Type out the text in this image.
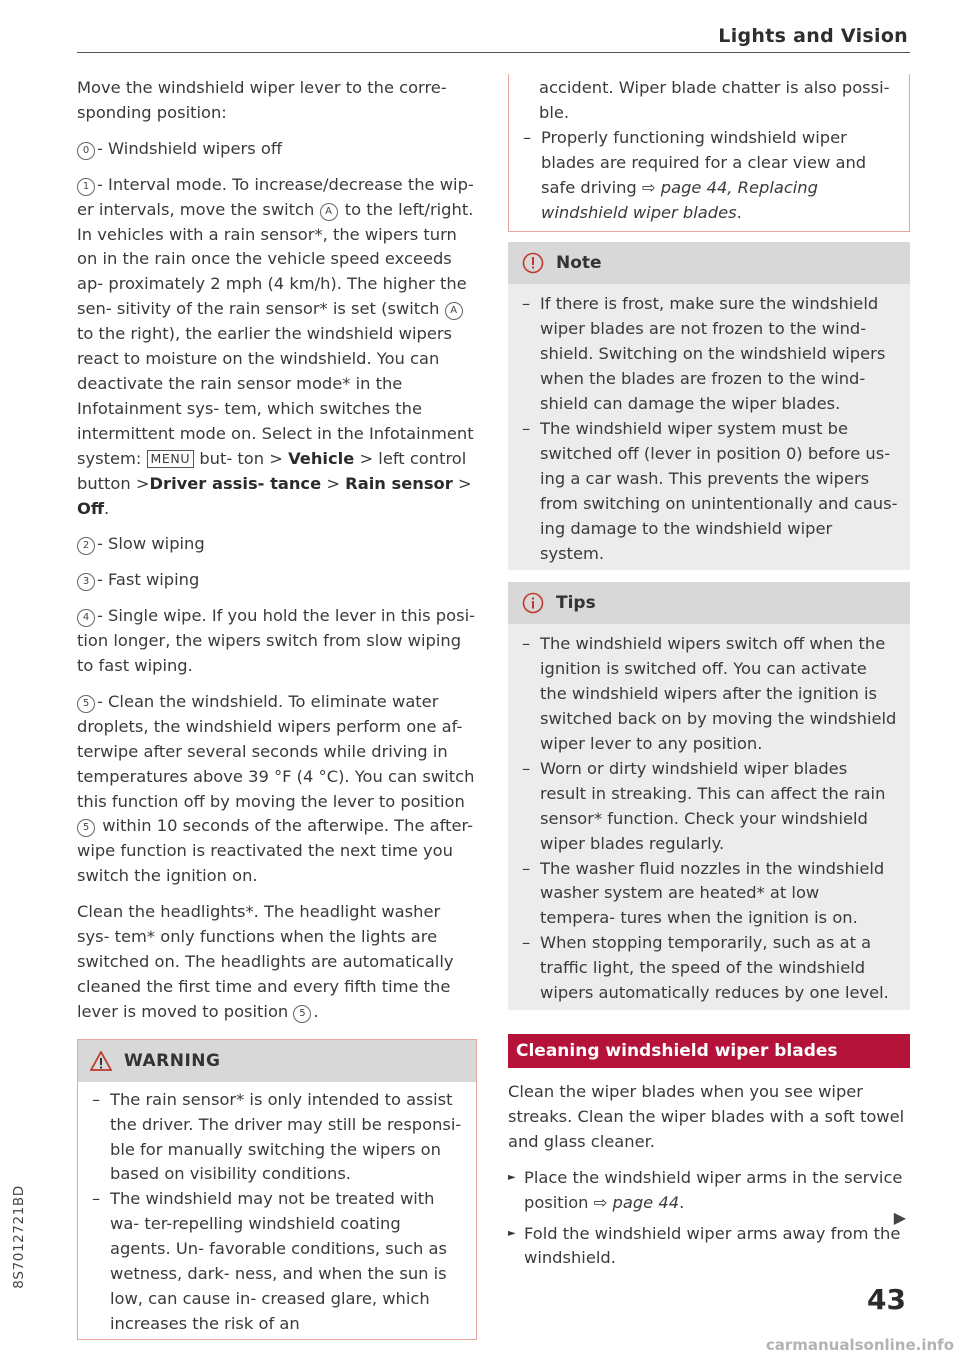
Lights and Vision

Move the windshield wiper lever to the corre- sponding position:

0 - Windshield wipers off

1 - Interval mode. To increase/decrease the wip- er intervals, move the switch A to the left/right. In vehicles with a rain sensor*, the wipers turn on in the rain once the vehicle speed exceeds ap- proximately 2 mph (4 km/h). The higher the sen- sitivity of the rain sensor* is set (switch A to the right), the earlier the windshield wipers react to moisture on the windshield. You can deactivate the rain sensor mode* in the Infotainment sys- tem, which switches the intermittent mode on. Select in the Infotainment system: MENU but- ton > Vehicle > left control button >Driver assis- tance > Rain sensor > Off.

2 - Slow wiping

3 - Fast wiping

4 - Single wipe. If you hold the lever in this posi- tion longer, the wipers switch from slow wiping to fast wiping.

5 - Clean the windshield. To eliminate water droplets, the windshield wipers perform one af- terwipe after several seconds while driving in temperatures above 39 °F (4 °C). You can switch this function off by moving the lever to position 5 within 10 seconds of the afterwipe. The after- wipe function is reactivated the next time you switch the ignition on.

Clean the headlights*. The headlight washer sys- tem* only functions when the lights are switched on. The headlights are automatically cleaned the first time and every fifth time the lever is moved to position 5 .

WARNING
– The rain sensor* is only intended to assist the driver. The driver may still be responsi- ble for manually switching the wipers on based on visibility conditions.
– The windshield may not be treated with wa- ter-repelling windshield coating agents. Un- favorable conditions, such as wetness, dark- ness, and when the sun is low, can cause in- creased glare, which increases the risk of an

accident. Wiper blade chatter is also possi- ble.

– Properly functioning windshield wiper blades are required for a clear view and safe driving ⇨ page 44, Replacing windshield wiper blades.
Note
– If there is frost, make sure the windshield wiper blades are not frozen to the wind- shield. Switching on the windshield wipers when the blades are frozen to the wind- shield can damage the wiper blades.
– The windshield wiper system must be switched off (lever in position 0) before us- ing a car wash. This prevents the wipers from switching on unintentionally and caus- ing damage to the windshield wiper system.
Tips
– The windshield wipers switch off when the ignition is switched off. You can activate the windshield wipers after the ignition is switched back on by moving the windshield wiper lever to any position.
– Worn or dirty windshield wiper blades result in streaking. This can affect the rain sensor* function. Check your windshield wiper blades regularly.
– The washer fluid nozzles in the windshield washer system are heated* at low tempera- tures when the ignition is on.
– When stopping temporarily, such as at a traffic light, the speed of the windshield wipers automatically reduces by one level.
Cleaning windshield wiper blades

Clean the wiper blades when you see wiper streaks. Clean the wiper blades with a soft towel and glass cleaner.

► Place the windshield wiper arms in the service position ⇨ page 44.
► Fold the windshield wiper arms away from the windshield.
▶
43
8S7012721BD
carmanualsonline.info
